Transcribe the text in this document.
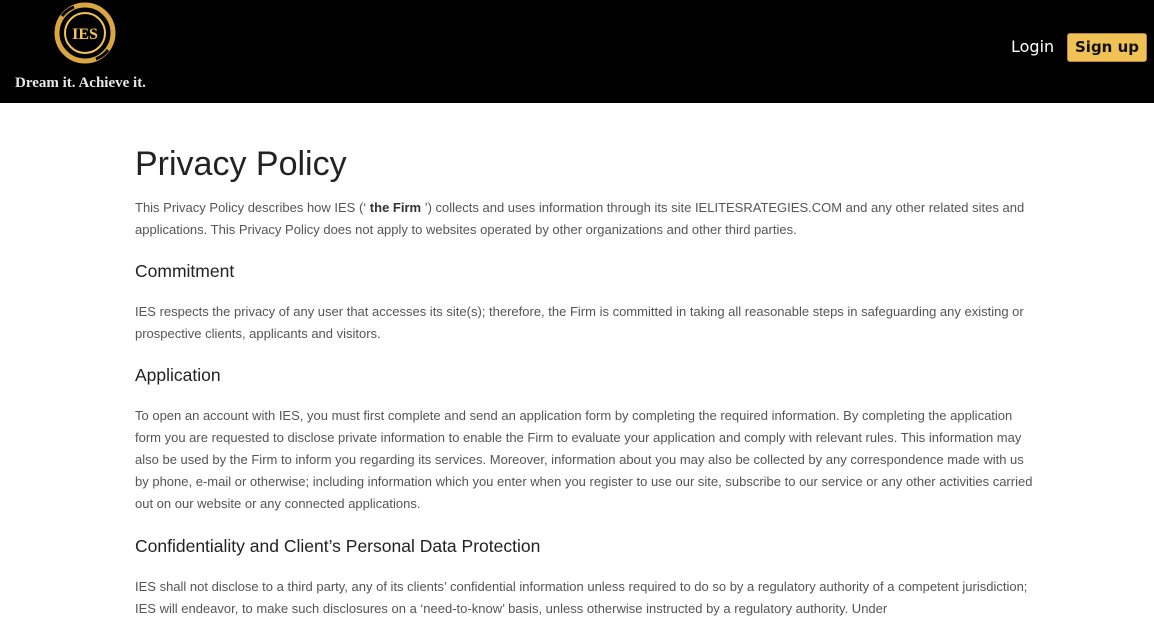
IES
Dream it. Achieve it.
Login	Sign up
Privacy Policy

This Privacy Policy describes how IES (‘ the Firm ’) collects and uses information through its site IELITESRATEGIES.COM and any other related sites and applications. This Privacy Policy does not apply to websites operated by other organizations and other third parties.

Commitment

IES respects the privacy of any user that accesses its site(s); therefore, the Firm is committed in taking all reasonable steps in safeguarding any existing or prospective clients, applicants and visitors.

Application

To open an account with IES, you must first complete and send an application form by completing the required information. By completing the application form you are requested to disclose private information to enable the Firm to evaluate your application and comply with relevant rules. This information may also be used by the Firm to inform you regarding its services. Moreover, information about you may also be collected by any correspondence made with us by phone, e-mail or otherwise; including information which you enter when you register to use our site, subscribe to our service or any other activities carried out on our website or any connected applications.

Confidentiality and Client’s Personal Data Protection

IES shall not disclose to a third party, any of its clients’ confidential information unless required to do so by a regulatory authority of a competent jurisdiction; IES will endeavor, to make such disclosures on a ‘need-to-know’ basis, unless otherwise instructed by a regulatory authority. Under
